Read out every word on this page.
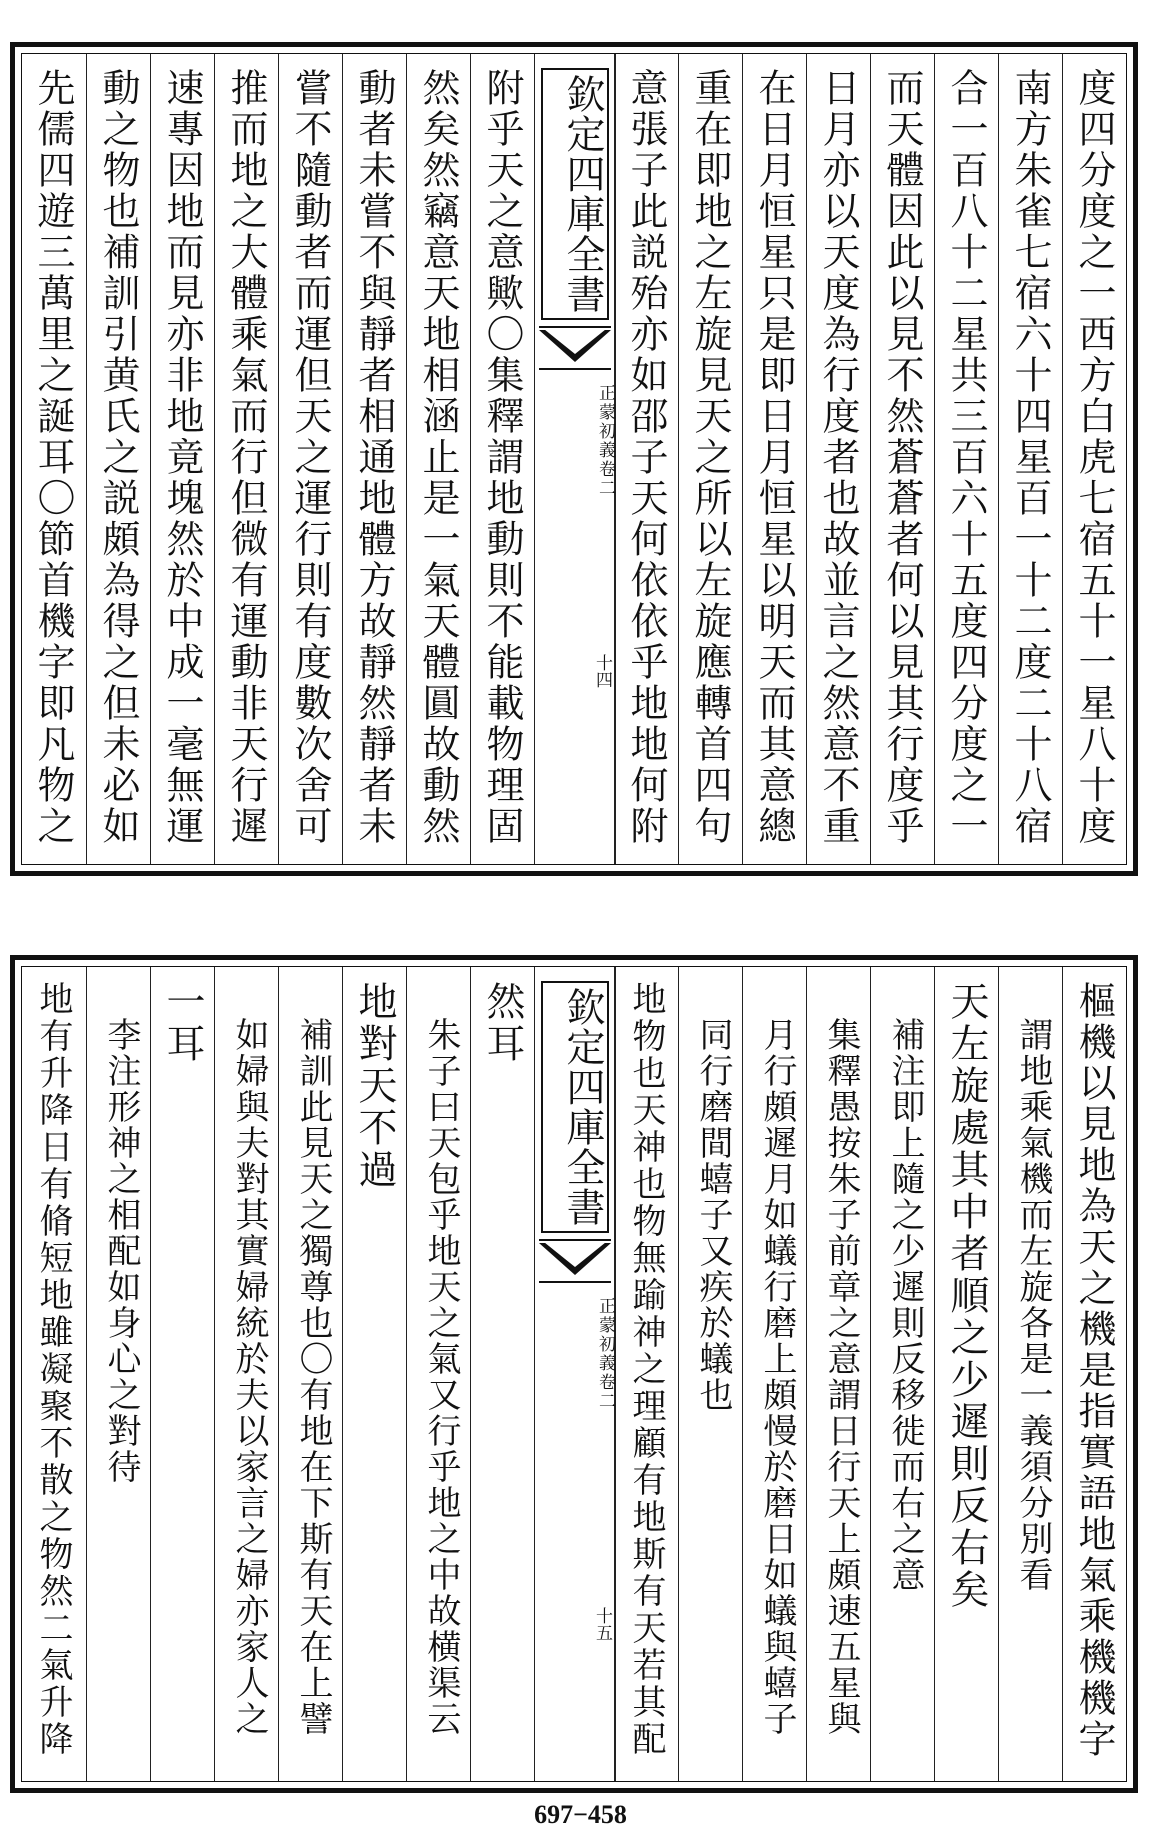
度四分度之一西方白虎七宿五十一星八十度
南方朱雀七宿六十四星百一十二度二十八宿
合一百八十二星共三百六十五度四分度之一
而天體因此以見不然蒼蒼者何以見其行度乎
日月亦以天度為行度者也故並言之然意不重
在日月恒星只是即日月恒星以明天而其意總
重在即地之左旋見天之所以左旋應轉首四句
意張子此説殆亦如邵子天何依依乎地地何附
欽定四庫全書
正蒙初義
卷二
十四
附乎天之意歟〇集釋謂地動則不能載物理固
然矣然竊意天地相涵止是一氣天體圓故動然
動者未嘗不與靜者相通地體方故靜然靜者未
嘗不隨動者而運但天之運行則有度數次舍可
推而地之大體乘氣而行但微有運動非天行遲
速專因地而見亦非地竟塊然於中成一毫無運
動之物也補訓引黄氏之説頗為得之但未必如
先儒四遊三萬里之誕耳〇節首機字即凡物之
樞機以見地為天之機是指實語地氣乘機機字
　謂地乘氣機而左旋各是一義須分別看
天左旋處其中者順之少遲則反右矣
　補注即上隨之少遲則反移徙而右之意
　集釋愚按朱子前章之意謂日行天上頗速五星與
　月行頗遲月如蟻行磨上頗慢於磨日如蟻與蟢子
　同行磨間蟢子又疾於蟻也
地物也天神也物無踰神之理顧有地斯有天若其配
欽定四庫全書
正蒙初義
卷二
十五
然耳
　朱子曰天包乎地天之氣又行乎地之中故横渠云
地對天不過
　補訓此見天之獨尊也〇有地在下斯有天在上譬
　如婦與夫對其實婦統於夫以家言之婦亦家人之
一耳
　李注形神之相配如身心之對待
地有升降日有脩短地雖凝聚不散之物然二氣升降
697−458
